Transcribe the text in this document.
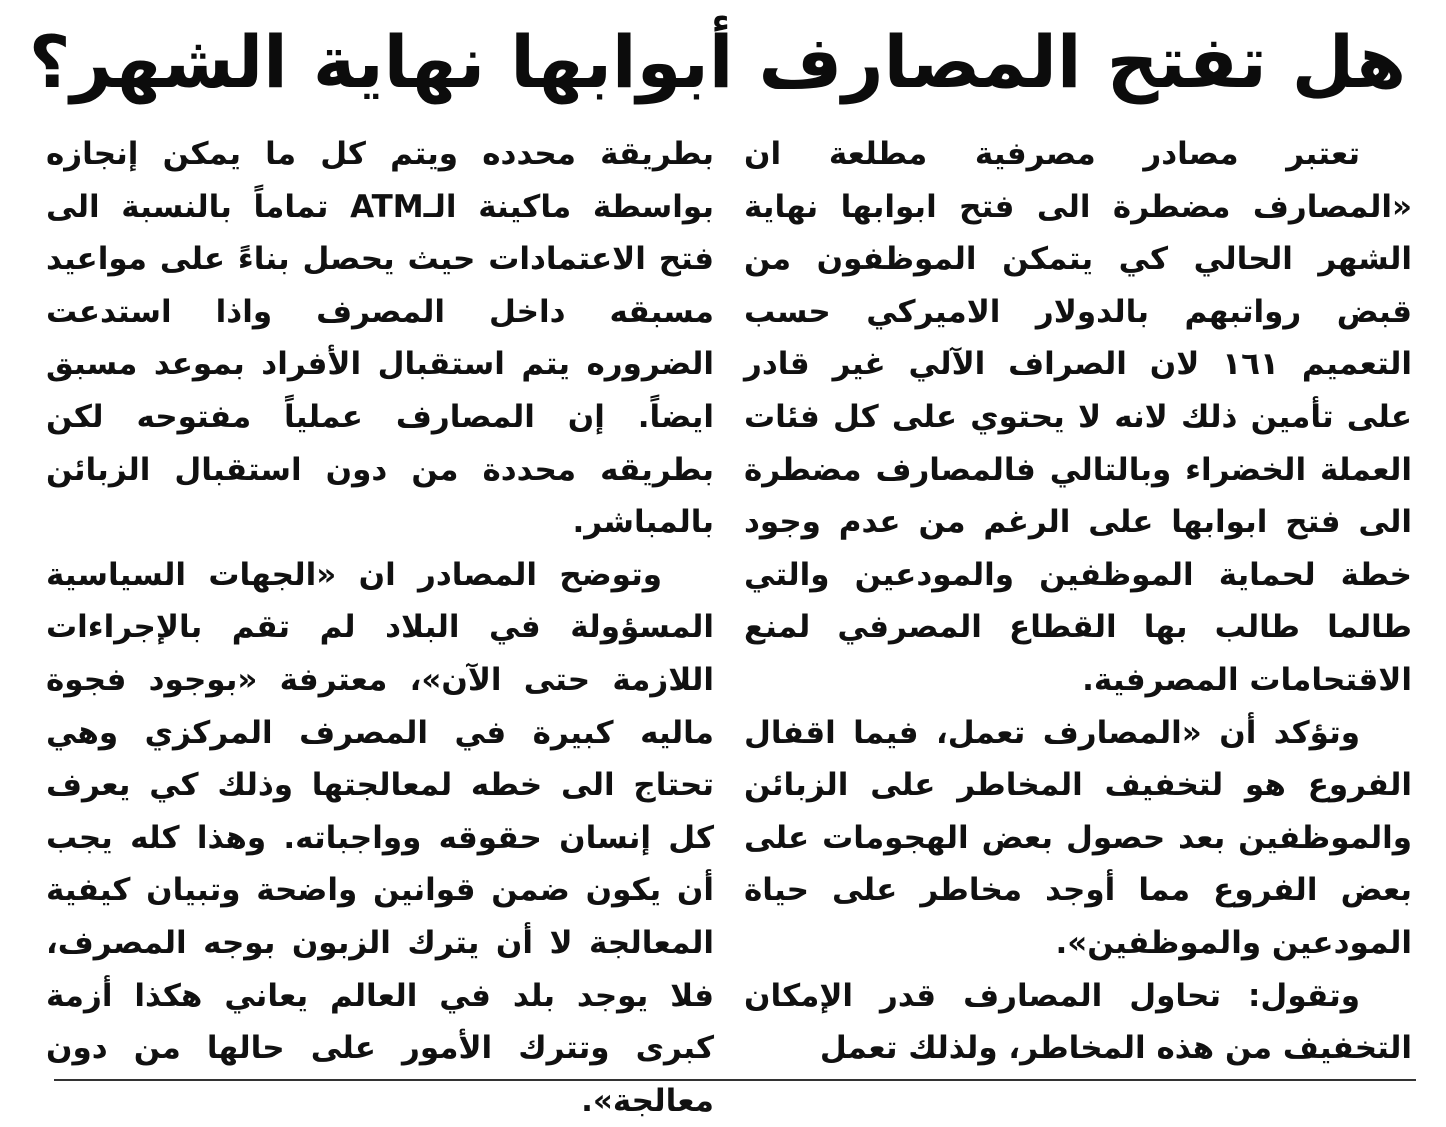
هل تفتح المصارف أبوابها نهاية الشهر؟

تعتبر مصادر مصرفية مطلعة ان «المصارف مضطرة الى فتح ابوابها نهاية الشهر الحالي كي يتمكن الموظفون من قبض رواتبهم بالدولار الاميركي حسب التعميم ١٦١ لان الصراف الآلي غير قادر على تأمين ذلك لانه لا يحتوي على كل فئات العملة الخضراء وبالتالي فالمصارف مضطرة الى فتح ابوابها على الرغم من عدم وجود خطة لحماية الموظفين والمودعين والتي طالما طالب بها القطاع المصرفي لمنع الاقتحامات المصرفية.

وتؤكد أن «المصارف تعمل، فيما اقفال الفروع هو لتخفيف المخاطر على الزبائن والموظفين بعد حصول بعض الهجومات على بعض الفروع مما أوجد مخاطر على حياة المودعين والموظفين».

وتقول: تحاول المصارف قدر الإمكان التخفيف من هذه المخاطر، ولذلك تعمل

بطريقة محدده ويتم كل ما يمكن إنجازه بواسطة ماكينة الـATM تماماً بالنسبة الى فتح الاعتمادات حيث يحصل بناءً على مواعيد مسبقه داخل المصرف واذا استدعت الضروره يتم استقبال الأفراد بموعد مسبق ايضاً. إن المصارف عملياً مفتوحه لكن بطريقه محددة من دون استقبال الزبائن بالمباشر.

وتوضح المصادر ان «الجهات السياسية المسؤولة في البلاد لم تقم بالإجراءات اللازمة حتى الآن»، معترفة «بوجود فجوة ماليه كبيرة في المصرف المركزي وهي تحتاج الى خطه لمعالجتها وذلك كي يعرف كل إنسان حقوقه وواجباته. وهذا كله يجب أن يكون ضمن قوانين واضحة وتبيان كيفية المعالجة لا أن يترك الزبون بوجه المصرف، فلا يوجد بلد في العالم يعاني هكذا أزمة كبرى وتترك الأمور على حالها من دون معالجة».
